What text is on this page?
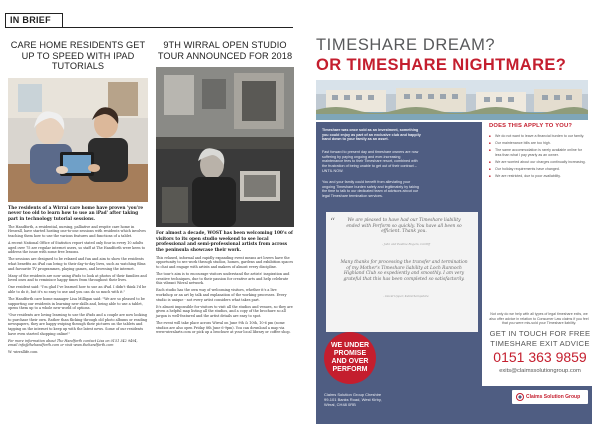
IN BRIEF
CARE HOME RESIDENTS GET UP TO SPEED WITH IPAD TUTORIALS
The residents of a Wirral care home have proven 'you're never too old to learn how to use an iPad' after taking part in technology tutorial sessions.
The Handforth, a residential, nursing, palliative and respite care home in Heswall, have started hosting one-to-one sessions with residents which involves teaching them how to use the various features and functions of a tablet.
A recent National Office of Statistics report stated only four in every 10 adults aged over 75 are regular internet users, so staff at The Handforth were keen to address the issue with some free lessons.
The sessions are designed to be relaxed and fun and aim to show the residents what benefits an iPad can bring to their day-to-day lives, such as watching films and favourite TV programmes, playing games, and browsing the internet.
Many of the residents are now using iPads to look at photos of their families and loved ones and to reminisce happy times from throughout their lives.
One resident said: "I'm glad I've learned how to use an iPad. I didn't think I'd be able to do it, but it's so easy to use and you can do so much with it."
The Handforth care home manager Lisa Milligan said: "We are so pleased to be supporting our residents in learning new skills and, being able to use a tablet, opens them up to a whole new world of options.
"Our residents are loving learning to use the iPads and a couple are now looking to purchase their own. Rather than flicking through old photo albums or reading newspapers, they are happy swiping through their pictures on the tablets and tapping on the internet to keep up with the latest news. Some of our residents have even started shopping online!"
For more information about The Handforth contact Lisa on 0151 342 9494, email info@thehandforth.com or visit www.thehandforth.com
W: wirrallife.com
9TH WIRRAL OPEN STUDIO TOUR ANNOUNCED FOR 2018
For almost a decade, WOST has been welcoming 100's of visitors to its open studio weekend to see local professional and semi-professional artists from across the peninsula showcase their work.
This relaxed, informal and rapidly expanding event means art lovers have the opportunity to see work through studios, homes, gardens and exhibition spaces to chat and engage with artists and makers of almost every discipline.
The tour's aim is to encourage visitors understand the artists' inspiration and creative techniques, due to their passion for creative arts and help celebrate this vibrant Wirral network.
Each studio has the own way of welcoming visitors, whether it's a live workshop or an art by talk and explanation of the working processes. Every studio is unique - not every artist considers what takes part.
It's almost impossible for visitors to visit all the studios and venues, so they are given a helpful map listing all the studios, and a copy of the brochure so all jargon is well-featured and the artist details are easy to spot.
The event will take place across Wirral on June 9th & 10th, 10-6 pm (some studios are also open Friday 8th June 6-9pm). You can download a map via www.wirralarts.com or pick up a brochure at your local library or coffee shop.
TIMESHARE DREAM?
OR TIMESHARE NIGHTMARE?
Timeshare was once sold as an investment, something you could enjoy as part of an exclusive club and happily hand down to your family as an asset.
Fast forward to present day and timeshare owners are now suffering by paying ongoing and ever-increasing maintenance fees to their Timeshare resort, combined with the frustration of being unable to get out of their contract – UNTIL NOW.
You and your family could benefit from alleviating your ongoing Timeshare burden safely and legitimately by taking the time to talk to our dedicated team of advisors about our legal Timeshare termination services.
“	We are pleased to have had our Timeshare liability ended with Perform so quickly. You have all been so efficient. Thank you.
- John and Pauline Rogers, Cardiff
Many thanks for processing the transfer and termination of my Mother's Timeshare liability at Loch Rannoch Highland Club so expediently and smoothly. I am very grateful that this has been completed so satisfactorily.
- David Upper, Ketterhampshire
WE UNDER
PROMISE
AND OVER
PERFORM
DOES THIS APPLY TO YOU?
■ We do not want to leave a financial burden to our family.
■ Our maintenance bills are too high.
■ The same accommodation is rarely available online for less than what I pay yearly as an owner.
■ We are worried about our charges continually increasing.
■ Our holiday requirements have changed.
■ We are restricted, due to poor availability.
Not only do we help with all types of legal timeshare exits, we also offer advice in relation to Consumer Law claims if you feel that you were mis-sold your Timeshare liability.
GET IN TOUCH FOR FREE
TIMESHARE EXIT ADVICE
0151 363 9859
exits@claimssolutiongroup.com
Claims Solution Group Cheshire
99-101 Banks Road, West Kirby,
Wirral, CH48 0RB
Claims Solution Group
